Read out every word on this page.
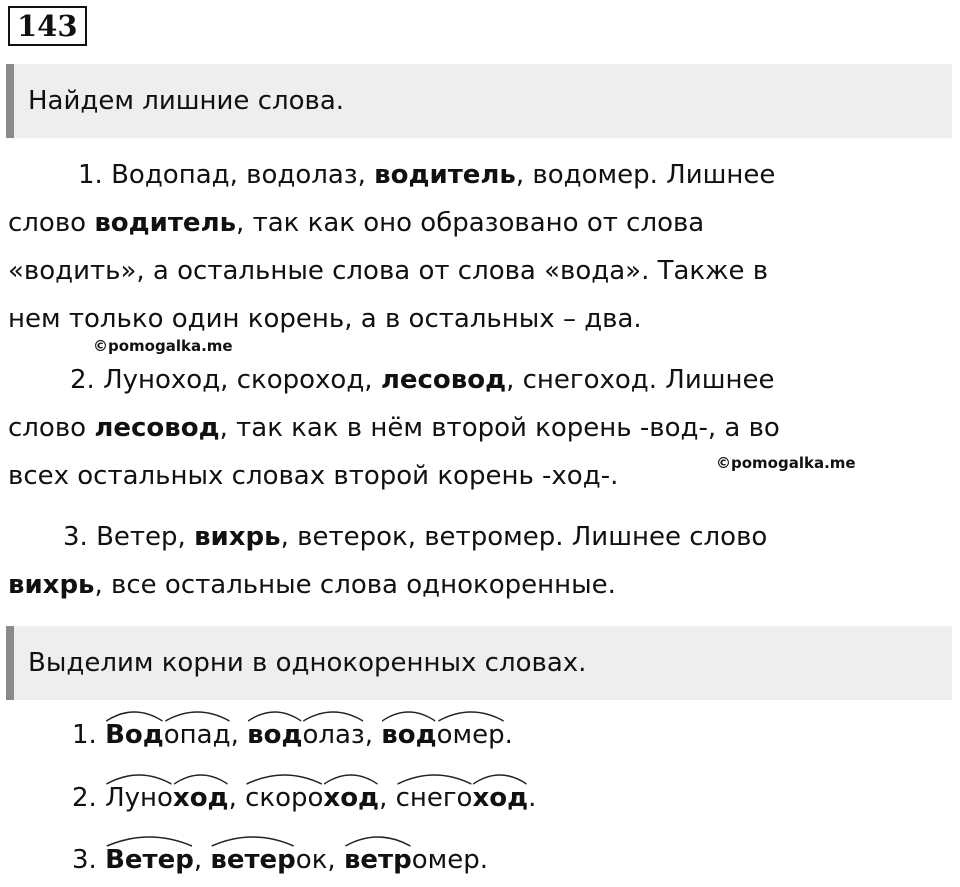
143
Найдем лишние слова.
1. Водопад, водолаз, водитель, водомер. Лишнее
слово водитель, так как оно образовано от слова
«водить», а остальные слова от слова «вода». Также в
нем только один корень, а в остальных – два.
©pomogalka.me
2. Луноход, скороход, лесовод, снегоход. Лишнее
слово лесовод, так как в нём второй корень -вод-, а во
всех остальных словах второй корень -ход-.	©pomogalka.me
3. Ветер, вихрь, ветерок, ветромер. Лишнее слово
вихрь, все остальные слова однокоренные.
Выделим корни в однокоренных словах.
1. Вод
опад
, вод
олаз
, вод
омер
.
2. Луно
ход
, скоро
ход
, снего
ход
.
3. Ветер
, ветер
ок, ветр
омер.
